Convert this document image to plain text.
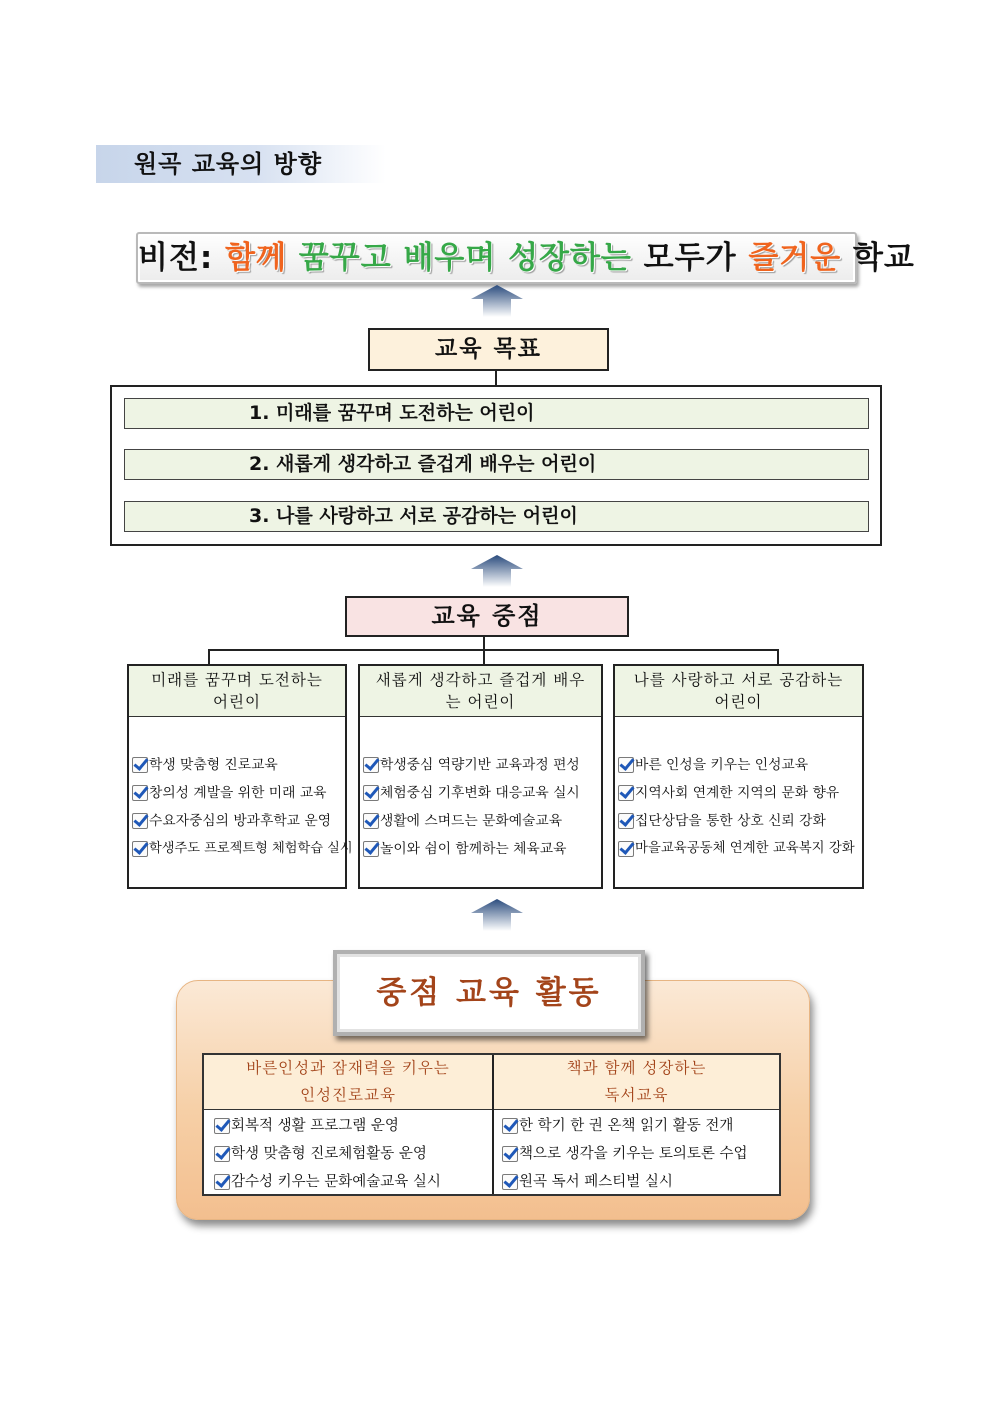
원곡 교육의 방향
비전: 함께 꿈꾸고 배우며 성장하는 모두가 즐거운 학교
교육 목표
1. 미래를 꿈꾸며 도전하는 어린이
2. 새롭게 생각하고 즐겁게 배우는 어린이
3. 나를 사랑하고 서로 공감하는 어린이
교육 중점
미래를 꿈꾸며 도전하는 어린이
학생 맞춤형 진로교육
창의성 계발을 위한 미래 교육
수요자중심의 방과후학교 운영
학생주도 프로젝트형 체험학습 실시
새롭게 생각하고 즐겁게 배우는 어린이
학생중심 역량기반 교육과정 편성
체험중심 기후변화 대응교육 실시
생활에 스며드는 문화예술교육
놀이와 쉼이 함께하는 체육교육
나를 사랑하고 서로 공감하는 어린이
바른 인성을 키우는 인성교육
지역사회 연계한 지역의 문화 향유
집단상담을 통한 상호 신뢰 강화
마을교육공동체 연계한 교육복지 강화
중점 교육 활동
바른인성과 잠재력을 키우는
인성진로교육
책과 함께 성장하는
독서교육
회복적 생활 프로그램 운영
학생 맞춤형 진로체험활동 운영
감수성 키우는 문화예술교육 실시
한 학기 한 권 온책 읽기 활동 전개
책으로 생각을 키우는 토의토론 수업
원곡 독서 페스티벌 실시
